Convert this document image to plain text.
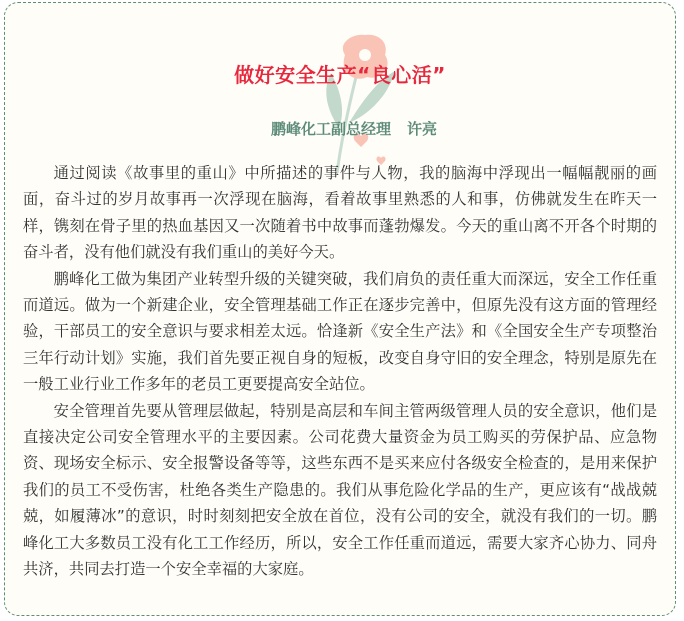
做好安全生产“良心活”
鹏峰化工副总经理 许亮

通过阅读《故事里的重山》中所描述的事件与人物，我的脑海中浮现出一幅幅靓丽的画面，奋斗过的岁月故事再一次浮现在脑海，看着故事里熟悉的人和事，仿佛就发生在昨天一样，镌刻在骨子里的热血基因又一次随着书中故事而蓬勃爆发。今天的重山离不开各个时期的奋斗者，没有他们就没有我们重山的美好今天。

鹏峰化工做为集团产业转型升级的关键突破，我们肩负的责任重大而深远，安全工作任重而道远。做为一个新建企业，安全管理基础工作正在逐步完善中，但原先没有这方面的管理经验，干部员工的安全意识与要求相差太远。恰逢新《安全生产法》和《全国安全生产专项整治三年行动计划》实施，我们首先要正视自身的短板，改变自身守旧的安全理念，特别是原先在一般工业行业工作多年的老员工更要提高安全站位。

安全管理首先要从管理层做起，特别是高层和车间主管两级管理人员的安全意识，他们是直接决定公司安全管理水平的主要因素。公司花费大量资金为员工购买的劳保护品、应急物资、现场安全标示、安全报警设备等等，这些东西不是买来应付各级安全检查的，是用来保护我们的员工不受伤害，杜绝各类生产隐患的。我们从事危险化学品的生产，更应该有“战战兢兢，如履薄冰”的意识，时时刻刻把安全放在首位，没有公司的安全，就没有我们的一切。鹏峰化工大多数员工没有化工工作经历，所以，安全工作任重而道远，需要大家齐心协力、同舟共济，共同去打造一个安全幸福的大家庭。
